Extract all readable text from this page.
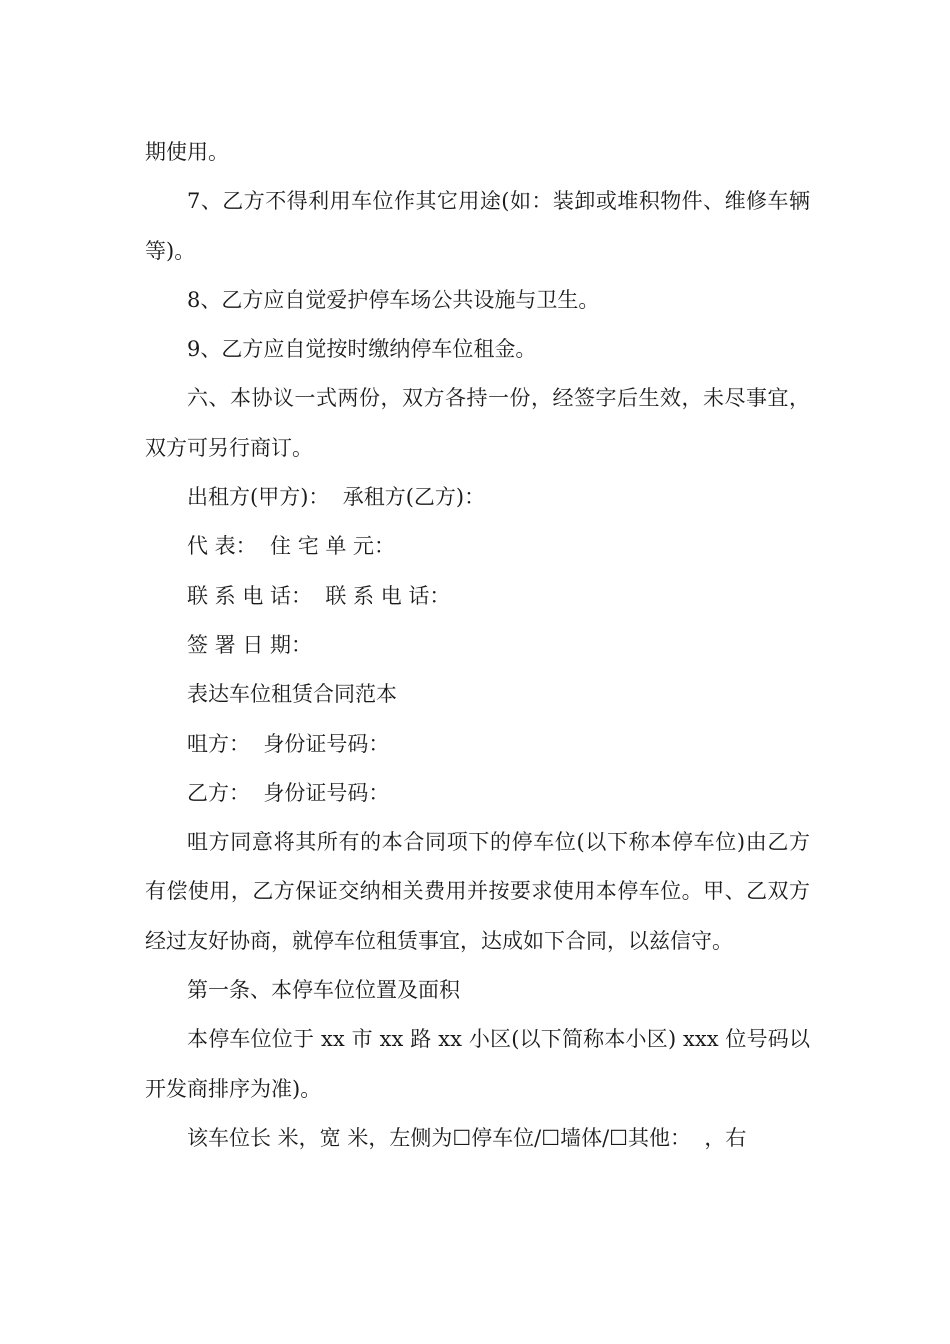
期使用。

7、乙方不得利用车位作其它用途(如：装卸或堆积物件、维修车辆等)。

8、乙方应自觉爱护停车场公共设施与卫生。

9、乙方应自觉按时缴纳停车位租金。

六、本协议一式两份，双方各持一份，经签字后生效，未尽事宜，双方可另行商订。

出租方(甲方)：  承租方(乙方)：

代 表：  住 宅 单 元：

联 系 电 话：  联 系 电 话：

签 署 日 期：

表达车位租赁合同范本

咀方：  身份证号码：

乙方：  身份证号码：

咀方同意将其所有的本合同项下的停车位(以下称本停车位)由乙方有偿使用，乙方保证交纳相关费用并按要求使用本停车位。甲、乙双方经过友好协商，就停车位租赁事宜，达成如下合同，以兹信守。

第一条、本停车位位置及面积

本停车位位于 xx 市 xx 路 xx 小区(以下简称本小区) xxx 位号码以开发商排序为准)。

该车位长 米，宽 米，左侧为☐停车位/☐墙体/☐其他：  ，右
